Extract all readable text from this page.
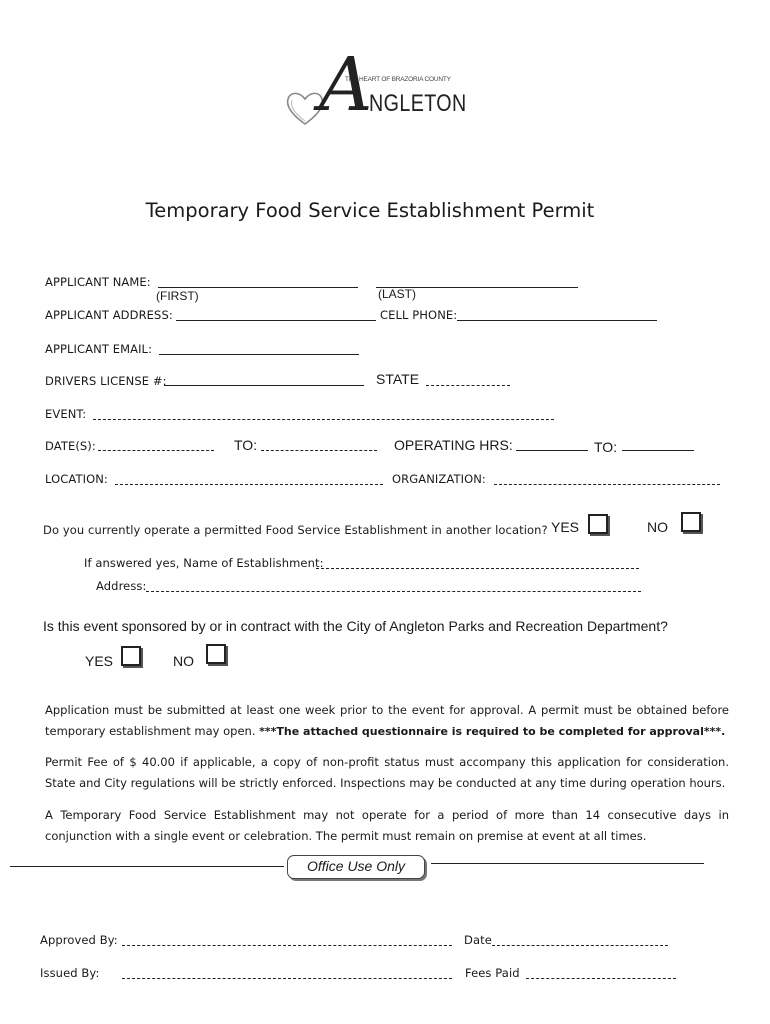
THE HEART OF BRAZORIA COUNTY
A
NGLETON
Temporary Food Service Establishment Permit
APPLICANT NAME:
(FIRST)	(LAST)
APPLICANT ADDRESS:	CELL PHONE:
APPLICANT EMAIL:
DRIVERS LICENSE #:	STATE
EVENT:
DATE(S):	TO:	OPERATING HRS:	TO:
LOCATION:	ORGANIZATION:
Do you currently operate a permitted Food Service Establishment in another location? YES	NO
If answered yes, Name of Establishment:
Address:
Is this event sponsored by or in contract with the City of Angleton Parks and Recreation Department?
YES	NO
Application must be submitted at least one week prior to the event for approval. A permit must be obtained before temporary establishment may open. ***The attached questionnaire is required to be completed for approval***.
Permit Fee of $ 40.00 if applicable, a copy of non-profit status must accompany this application for consideration. State and City regulations will be strictly enforced. Inspections may be conducted at any time during operation hours.
A Temporary Food Service Establishment may not operate for a period of more than 14 consecutive days in conjunction with a single event or celebration. The permit must remain on premise at event at all times.
Office Use Only
Approved By:	Date
Issued By:	Fees Paid
